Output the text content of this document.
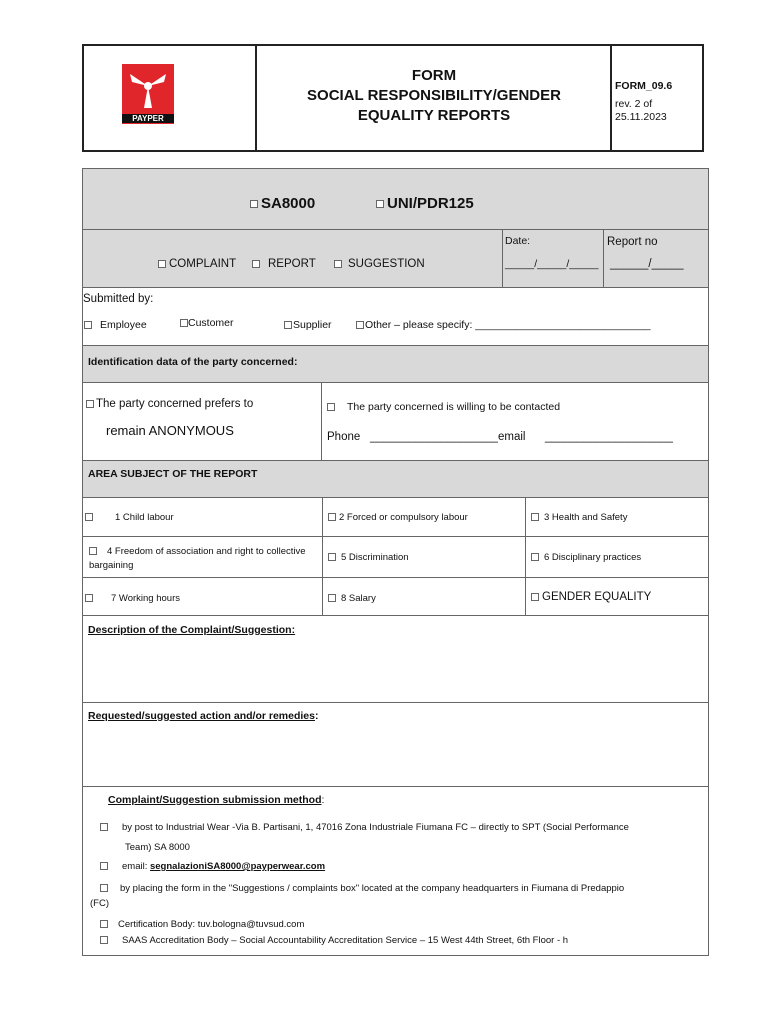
PAYPER
FORM
SOCIAL RESPONSIBILITY/GENDER
EQUALITY REPORTS
FORM_09.6
rev. 2 of
25.11.2023
SA8000	UNI/PDR125
COMPLAINT	REPORT	SUGGESTION
Date:
_____/_____/_____
Report no
______/_____
Submitted by:
Employee	Customer	Supplier	Other – please specify: ______________________________
Identification data of the party concerned:
The party concerned prefers to
remain ANONYMOUS
The party concerned is willing to be contacted
Phone ____________________ email ____________________
AREA SUBJECT OF THE REPORT
1 Child labour	2 Forced or compulsory labour	3 Health and Safety
4 Freedom of association and right to collective
bargaining
5 Discrimination	6 Disciplinary practices
7 Working hours	8 Salary	GENDER EQUALITY
Description of the Complaint/Suggestion:
Requested/suggested action and/or remedies:
Complaint/Suggestion submission method:
by post to Industrial Wear -Via B. Partisani, 1, 47016 Zona Industriale Fiumana FC – directly to SPT (Social Performance
Team) SA 8000
email: segnalazioniSA8000@payperwear.com
by placing the form in the "Suggestions / complaints box" located at the company headquarters in Fiumana di Predappio
(FC)
Certification Body: tuv.bologna@tuvsud.com
SAAS Accreditation Body – Social Accountability Accreditation Service – 15 West 44th Street, 6th Floor - h
